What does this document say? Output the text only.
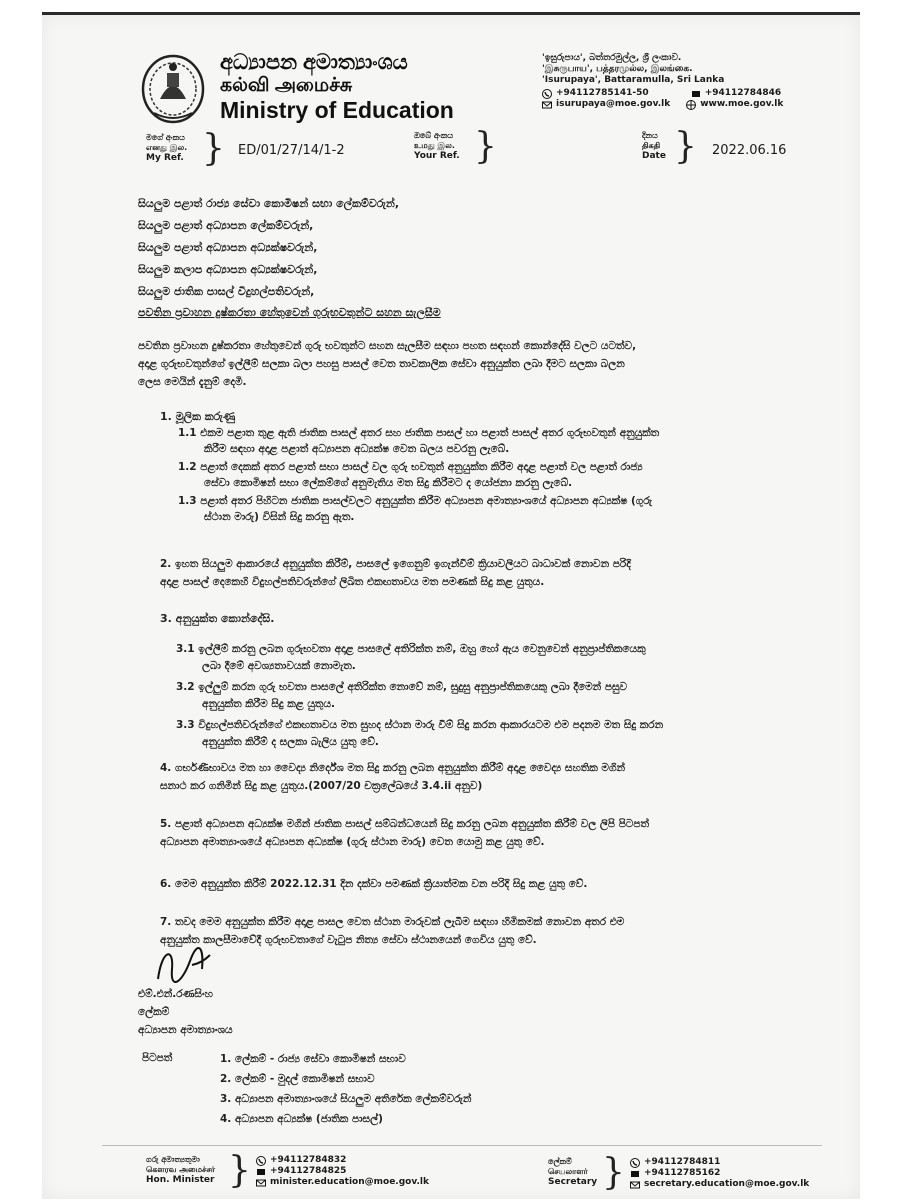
අධ්‍යාපන අමාත්‍යාංශය
கல்வி அமைச்சு
Ministry of Education
'ඉසුරුපාය', බත්තරමුල්ල, ශ්‍රී ලංකාව.
'இசுருபாய', பத்தரமுல்ல, இலங்கை.
'Isurupaya', Battaramulla, Sri Lanka
+94112785141-50	+94112784846
isurupaya@moe.gov.lk	www.moe.gov.lk
මගේ අංකය
எனது இல.
My Ref. } ED/01/27/14/1-2
ඔබේ අංකය
உமது இல.
Your Ref. }	දිනය
திகதி
Date } 2022.06.16
සියලුම පළාත් රාජ්‍ය සේවා කොමිෂන් සභා ලේකම්වරුන්,
සියලුම පළාත් අධ්‍යාපන ලේකම්වරුන්,
සියලුම පළාත් අධ්‍යාපන අධ්‍යක්ෂවරුන්,
සියලුම කලාප අධ්‍යාපන අධ්‍යක්ෂවරුන්,
සියලුම ජාතික පාසල් විදුහල්පතිවරුන්,
පවතින ප්‍රවාහන දුෂ්කරතා හේතුවෙන් ගුරුභවතුන්ට සහන සැලසීම
පවතින ප්‍රවාහන දුෂ්කරතා හේතුවෙන් ගුරු භවතුන්ට සහන සැලසීම සඳහා පහත සඳහන් කොන්දේසි වලට යටත්ව,
අදාළ ගුරුභවතුන්ගේ ඉල්ලීම් සලකා බලා පහසු පාසල් වෙත තාවකාලික සේවා අනුයුක්ත ලබා දීමට සලකා බලන
ලෙස මෙයින් දැනුම් දෙමි.
1. මූලික කරුණු
1.1 එකම පළාත තුළ ඇති ජාතික පාසල් අතර සහ ජාතික පාසල් හා පළාත් පාසල් අතර ගුරුභවතුන් අනුයුක්ත
කිරීම සඳහා අදාළ පළාත් අධ්‍යාපන අධ්‍යක්ෂ වෙත බලය පවරනු ලැබේ.
1.2 පළාත් දෙකක් අතර පළාත් සභා පාසල් වල ගුරු භවතුන් අනුයුක්ත කිරීම අදාළ පළාත් වල පළාත් රාජ්‍ය
සේවා කොමිෂන් සභා ලේකම්ගේ අනුමැතිය මත සිදු කිරීමට ද යෝජනා කරනු ලැබේ.
1.3 පළාත් අතර පිහිටන ජාතික පාසල්වලට අනුයුක්ත කිරීම අධ්‍යාපන අමාත්‍යාංශයේ අධ්‍යාපන අධ්‍යක්ෂ (ගුරු
ස්ථාන මාරු) විසින් සිදු කරනු ඇත.
2. ඉහත සියලුම ආකාරයේ අනුයුක්ත කිරීම්, පාසලේ ඉගෙනුම් ඉගැන්වීම් ක්‍රියාවලියට බාධාවක් නොවන පරිදි
අදාළ පාසල් දෙකෙහි විදුහල්පතිවරුන්ගේ ලිඛිත එකඟතාවය මත පමණක් සිදු කළ යුතුය.
3. අනුයුක්ත කොන්දේසි.
3.1 ඉල්ලීම් කරනු ලබන ගුරුභවතා අදාළ පාසලේ අතිරික්ත නම්, ඔහු හෝ ඇය වෙනුවෙන් අනුප්‍රාප්තිකයෙකු
ලබා දීමේ අවශ්‍යතාවයක් නොමැත.
3.2 ඉල්ලුම් කරන ගුරු භවතා පාසලේ අතිරික්ත නොවේ නම්, සුදුසු අනුප්‍රාප්තිකයෙකු ලබා දීමෙන් පසුව
අනුයුක්ත කිරීම සිදු කළ යුතුය.
3.3 විදුහල්පතිවරුන්ගේ එකඟතාවය මත සුහද ස්ථාන මාරු වීම් සිදු කරන ආකාරයටම එම පදනම මත සිදු කරන
අනුයුක්ත කිරීම් ද සලකා බැලිය යුතු වේ.
4. ගර්භණීභාවය මත හා වෛද්‍ය නිර්දේශ මත සිදු කරනු ලබන අනුයුක්ත කිරීම් අදාළ වෛද්‍ය සහතික මගින්
සනාථ කර ගනිමින් සිදු කළ යුතුය.(2007/20 චක්‍රලේඛයේ 3.4.ii අනුව)
5. පළාත් අධ්‍යාපන අධ්‍යක්ෂ මගින් ජාතික පාසල් සම්බන්ධයෙන් සිදු කරනු ලබන අනුයුක්ත කිරීම් වල ලිපි පිටපත්
අධ්‍යාපන අමාත්‍යාංශයේ අධ්‍යාපන අධ්‍යක්ෂ (ගුරු ස්ථාන මාරු) වෙත යොමු කළ යුතු වේ.
6. මෙම අනුයුක්ත කිරීම් 2022.12.31 දින දක්වා පමණක් ක්‍රියාත්මක වන පරිදි සිදු කළ යුතු වේ.
7. තවද මෙම අනුයුක්ත කිරීම අදාළ පාසල වෙත ස්ථාන මාරුවක් ලැබීම සඳහා හිමිකමක් නොවන අතර එම
අනුයුක්ත කාලසීමාවේදී ගුරුභවතාගේ වැටුප නිත්‍ය සේවා ස්ථානයෙන් ගෙවිය යුතු වේ.
එම්.එන්.රණසිංහ
ලේකම්
අධ්‍යාපන අමාත්‍යාංශය
පිටපත්	1. ලේකම් - රාජ්‍ය සේවා කොමිෂන් සභාව
2. ලේකම් - මුදල් කොමිෂන් සභාව
3. අධ්‍යාපන අමාත්‍යාංශයේ සියලුම අතිරේක ලේකම්වරුන්
4. අධ්‍යාපන අධ්‍යක්ෂ (ජාතික පාසල්)
ගරු අමාත්‍යතුමා
கௌரவ அமைச்சர்
Hon. Minister } +94112784832
+94112784825
minister.education@moe.gov.lk
ලේකම්
செயலாளர்
Secretary } +94112784811
+94112785162
secretary.education@moe.gov.lk
